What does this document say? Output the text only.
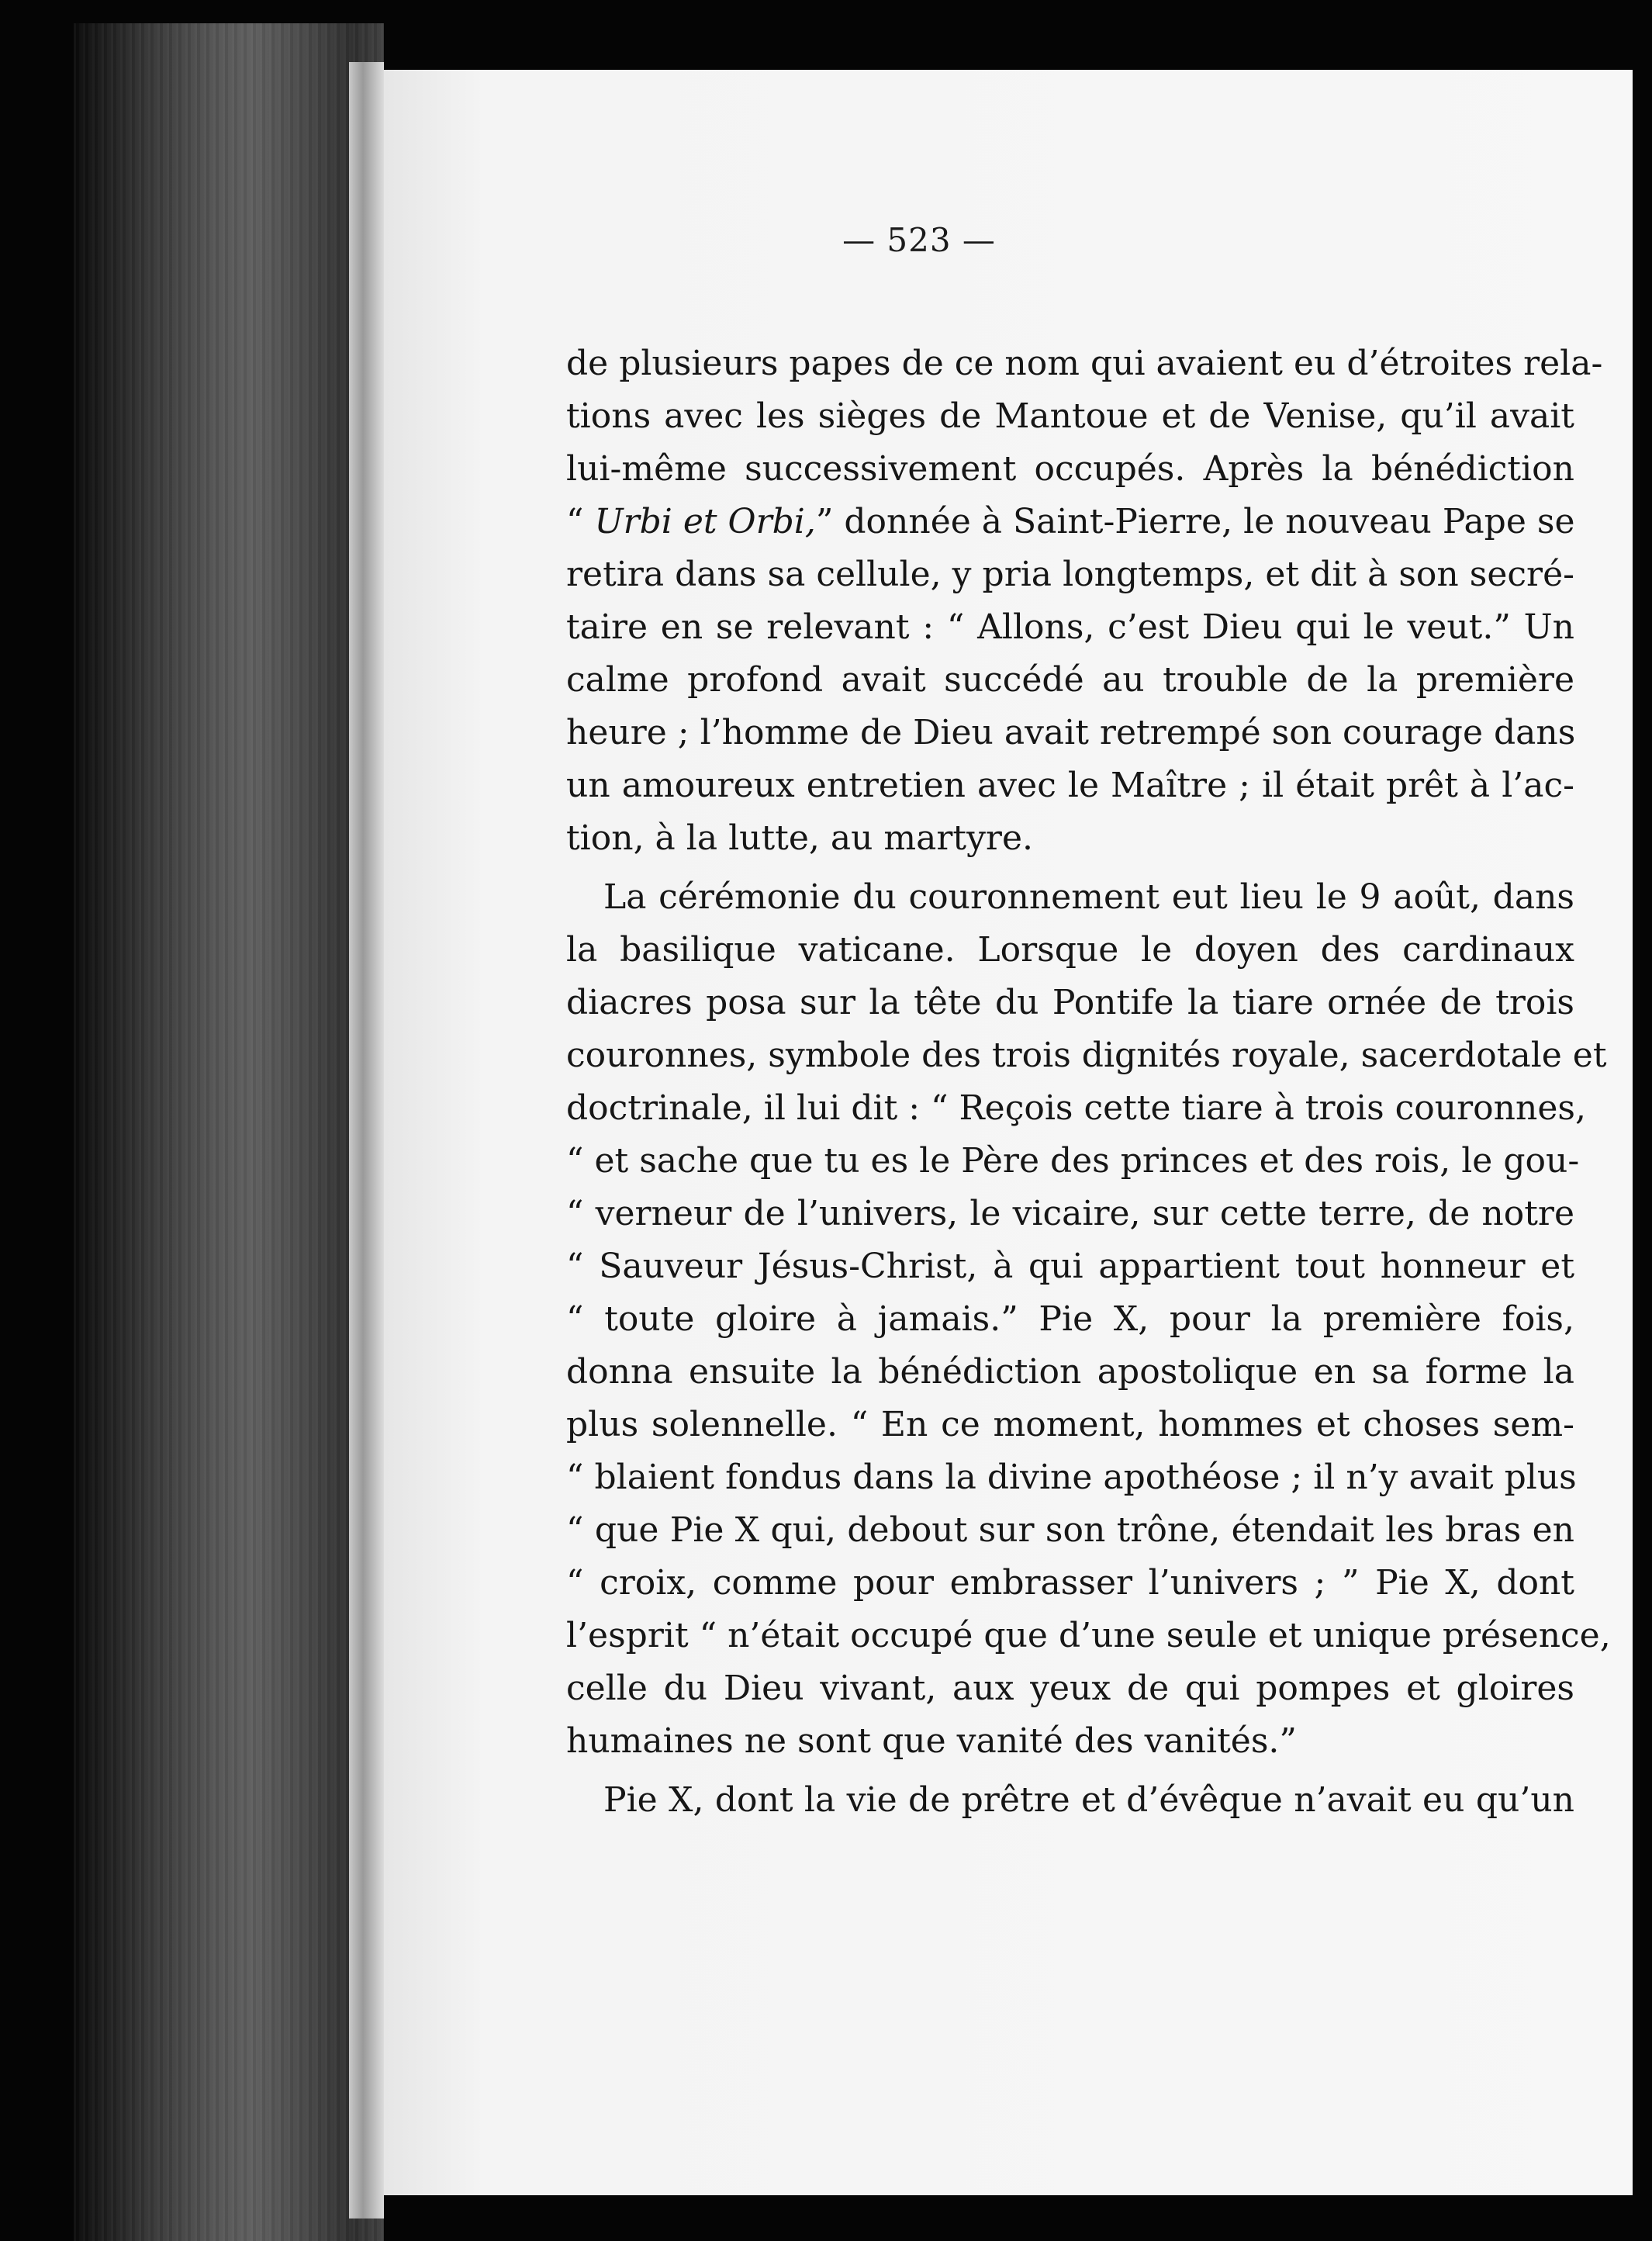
— 523 —
de plusieurs papes de ce nom qui avaient eu d’étroites rela-
tions avec les sièges de Mantoue et de Venise, qu’il avait
lui-même successivement occupés. Après la bénédiction
“ Urbi et Orbi,” donnée à Saint-Pierre, le nouveau Pape se
retira dans sa cellule, y pria longtemps, et dit à son secré-
taire en se relevant : “ Allons, c’est Dieu qui le veut.” Un
calme profond avait succédé au trouble de la première
heure ; l’homme de Dieu avait retrempé son courage dans
un amoureux entretien avec le Maître ; il était prêt à l’ac-
tion, à la lutte, au martyre.
La cérémonie du couronnement eut lieu le 9 août, dans
la basilique vaticane. Lorsque le doyen des cardinaux
diacres posa sur la tête du Pontife la tiare ornée de trois
couronnes, symbole des trois dignités royale, sacerdotale et
doctrinale, il lui dit : “ Reçois cette tiare à trois couronnes,
“ et sache que tu es le Père des princes et des rois, le gou-
“ verneur de l’univers, le vicaire, sur cette terre, de notre
“ Sauveur Jésus-Christ, à qui appartient tout honneur et
“ toute gloire à jamais.” Pie X, pour la première fois,
donna ensuite la bénédiction apostolique en sa forme la
plus solennelle. “ En ce moment, hommes et choses sem-
“ blaient fondus dans la divine apothéose ; il n’y avait plus
“ que Pie X qui, debout sur son trône, étendait les bras en
“ croix, comme pour embrasser l’univers ; ” Pie X, dont
l’esprit “ n’était occupé que d’une seule et unique présence,
celle du Dieu vivant, aux yeux de qui pompes et gloires
humaines ne sont que vanité des vanités.”
Pie X, dont la vie de prêtre et d’évêque n’avait eu qu’un
